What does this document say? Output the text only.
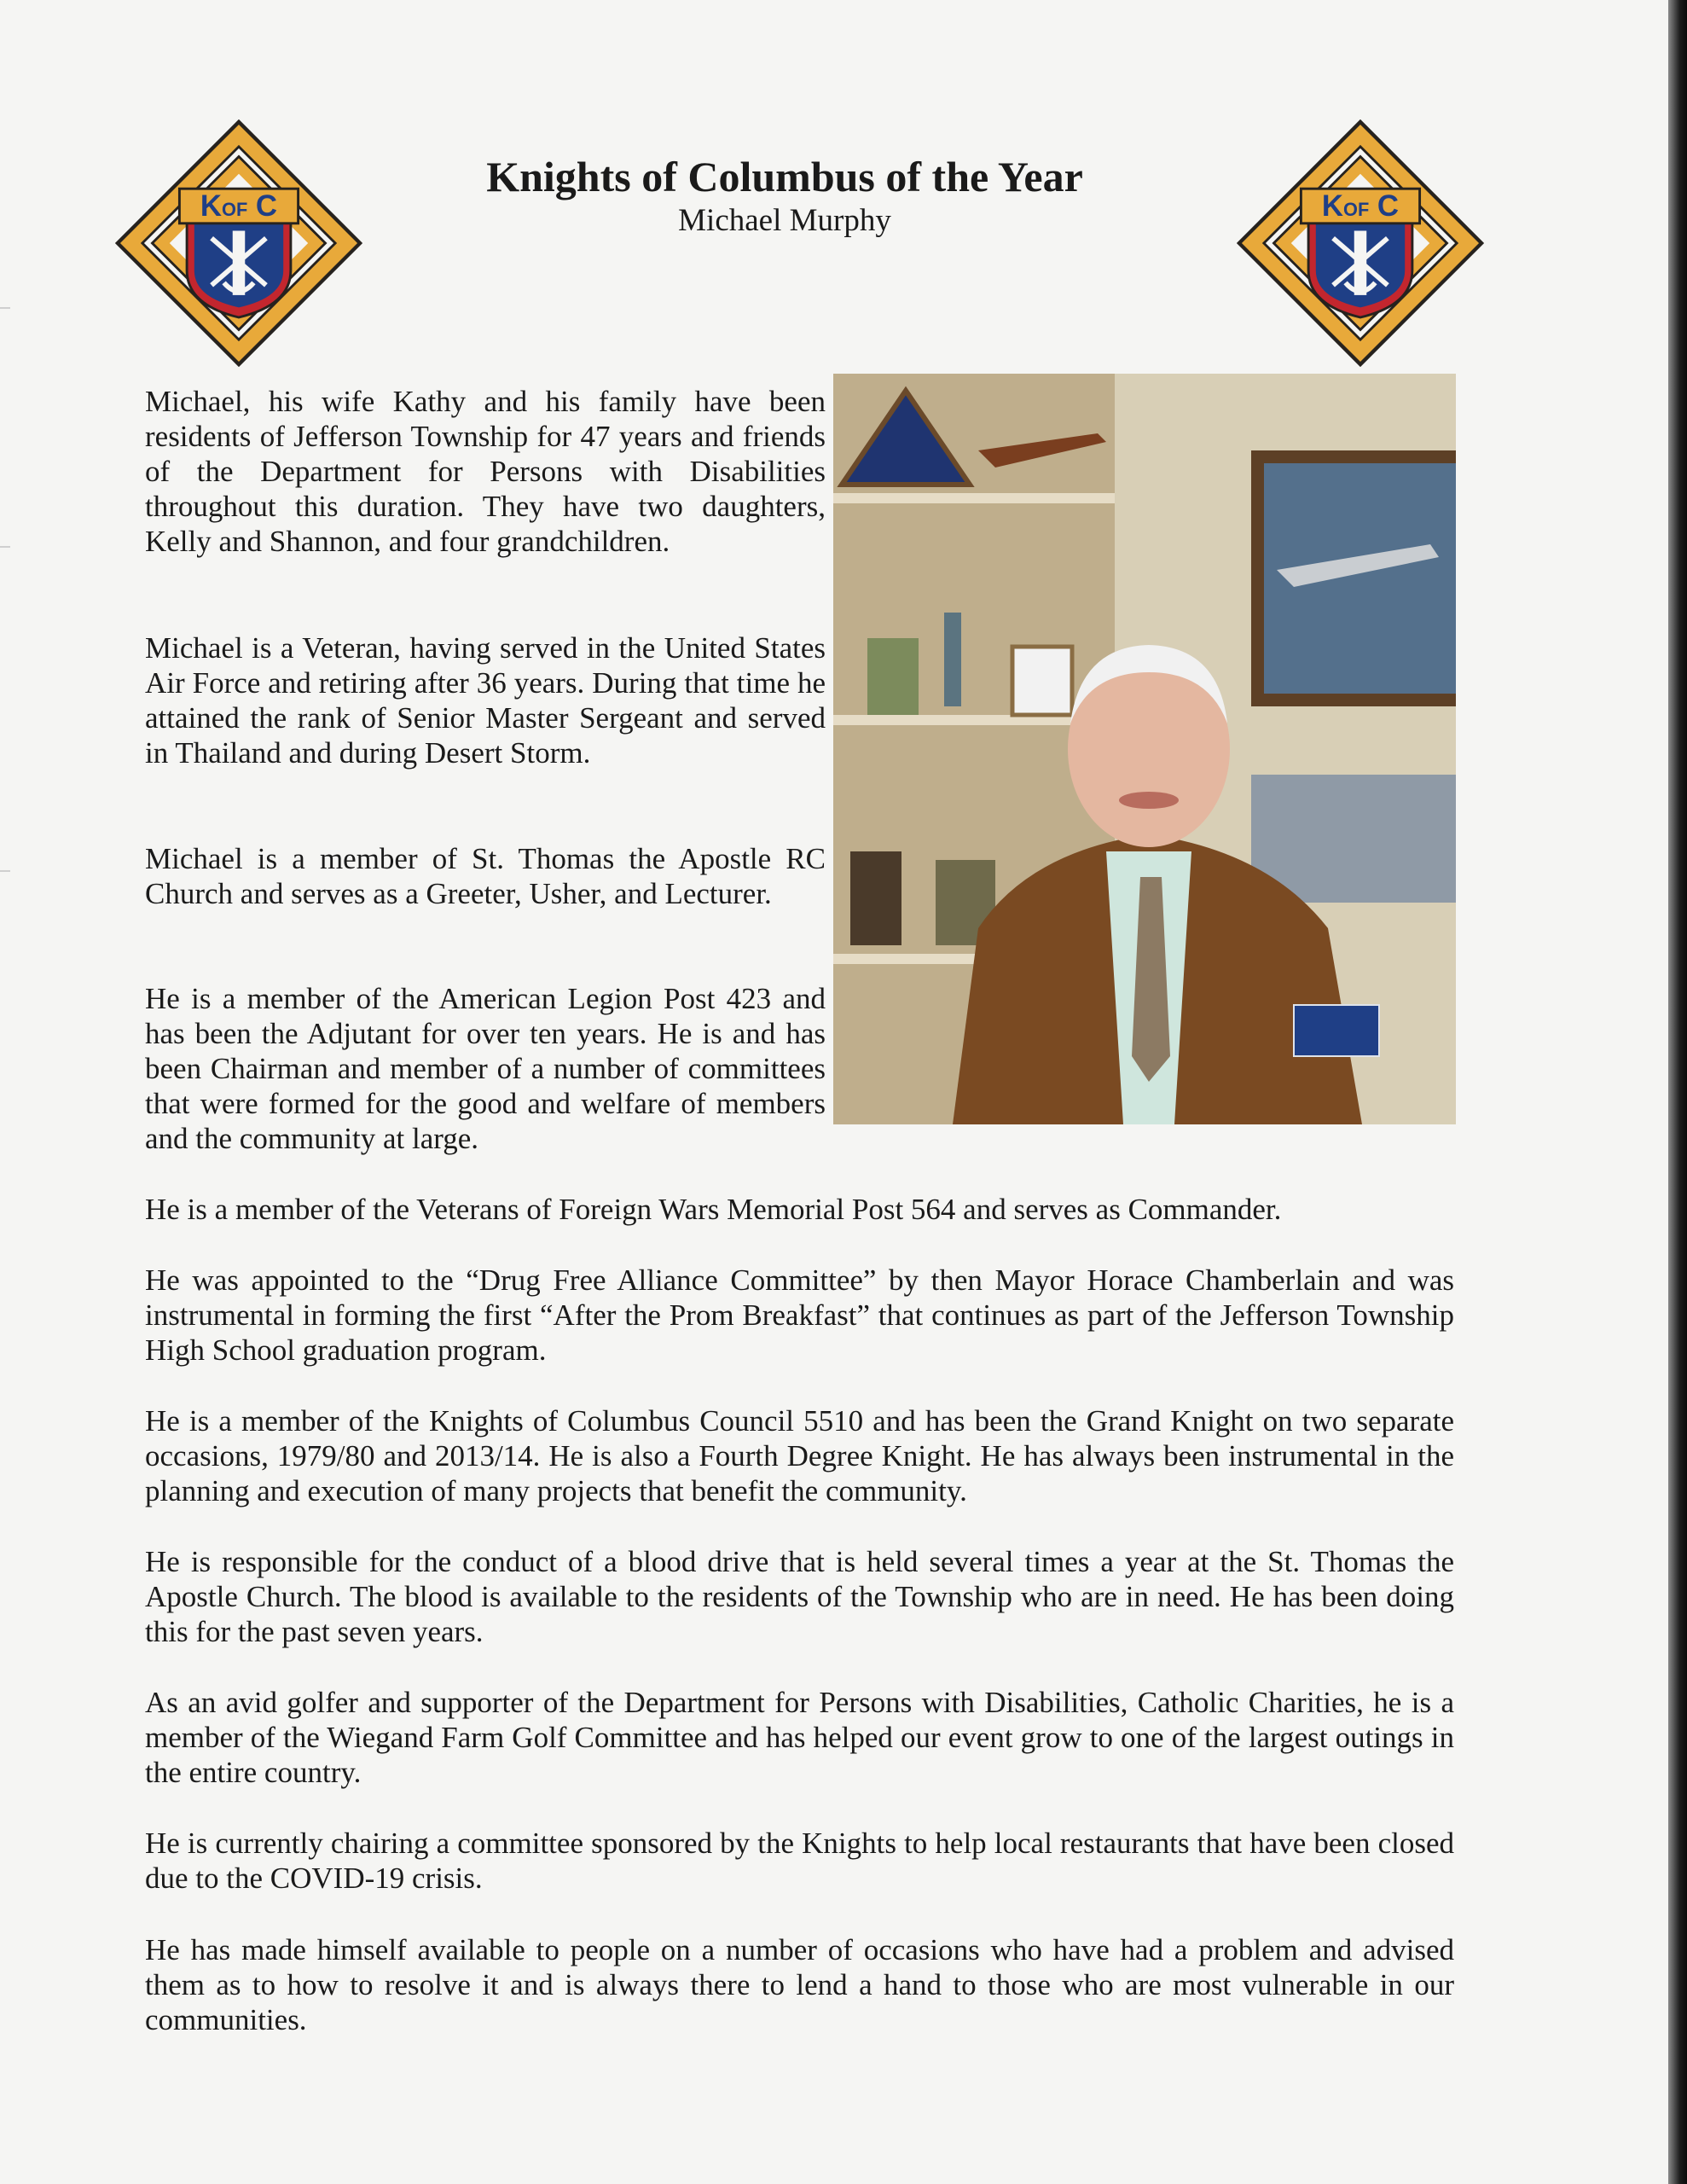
KOF C	KOF C
Knights of Columbus of the Year
Michael Murphy

Michael, his wife Kathy and his family have been residents of Jefferson Township for 47 years and friends of the Department for Persons with Disabilities throughout this duration. They have two daughters, Kelly and Shannon, and four grandchildren.

Michael is a Veteran, having served in the United States Air Force and retiring after 36 years. During that time he attained the rank of Senior Master Sergeant and served in Thailand and during Desert Storm.

Michael is a member of St. Thomas the Apostle RC Church and serves as a Greeter, Usher, and Lecturer.

He is a member of the American Legion Post 423 and has been the Adjutant for over ten years. He is and has been Chairman and member of a number of committees that were formed for the good and welfare of members and the community at large.

He is a member of the Veterans of Foreign Wars Memorial Post 564 and serves as Commander.

He was appointed to the “Drug Free Alliance Committee” by then Mayor Horace Chamberlain and was instrumental in forming the first “After the Prom Breakfast” that continues as part of the Jefferson Township High School graduation program.

He is a member of the Knights of Columbus Council 5510 and has been the Grand Knight on two separate occasions, 1979/80 and 2013/14. He is also a Fourth Degree Knight. He has always been instrumental in the planning and execution of many projects that benefit the community.

He is responsible for the conduct of a blood drive that is held several times a year at the St. Thomas the Apostle Church. The blood is available to the residents of the Township who are in need. He has been doing this for the past seven years.

As an avid golfer and supporter of the Department for Persons with Disabilities, Catholic Charities, he is a member of the Wiegand Farm Golf Committee and has helped our event grow to one of the largest outings in the entire country.

He is currently chairing a committee sponsored by the Knights to help local restaurants that have been closed due to the COVID-19 crisis.

He has made himself available to people on a number of occasions who have had a problem and advised them as to how to resolve it and is always there to lend a hand to those who are most vulnerable in our communities.
